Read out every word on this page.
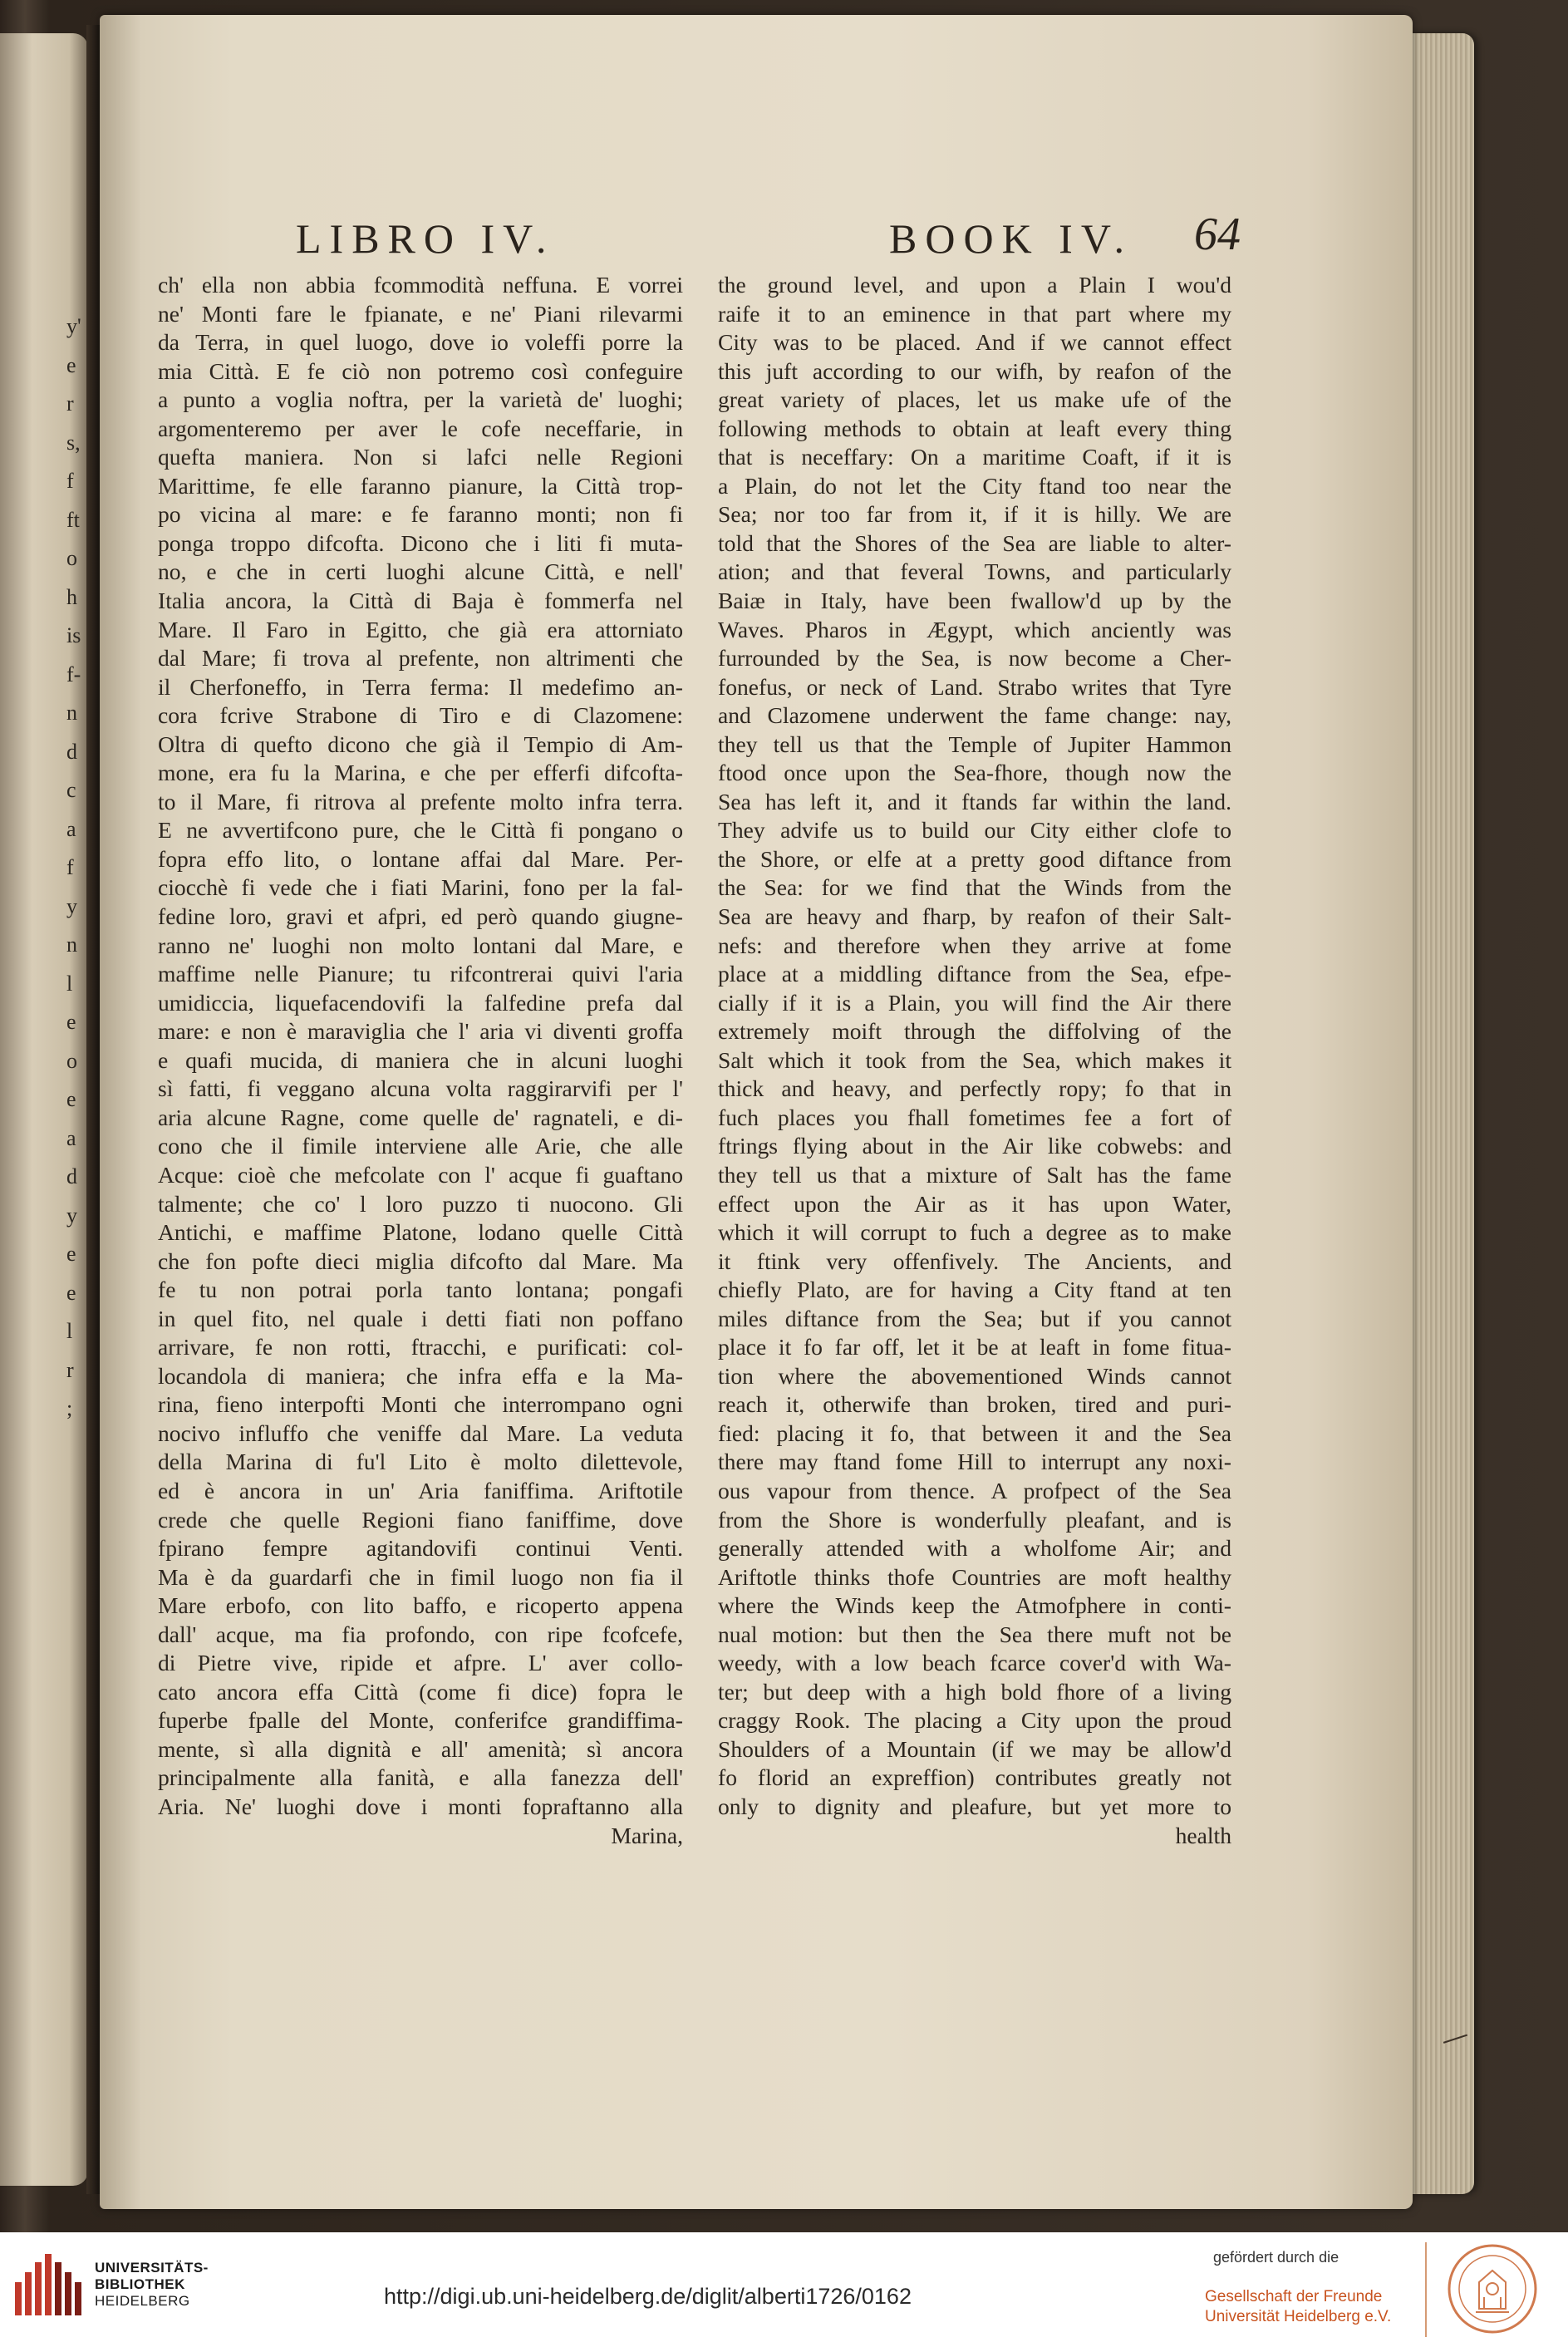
y'
e
r
s,
f
ft
o
h
is
f-
n
d
c
a
f
y
n
l
e
o
e
a
d
y
e
e
l
r
;
LIBRO IV.	BOOK IV. 64
ch' ella non abbia fcommodità neffuna. E vorrei
ne' Monti fare le fpianate, e ne' Piani rilevarmi
da Terra, in quel luogo, dove io voleffi porre la
mia Città. E fe ciò non potremo così confeguire
a punto a voglia noftra, per la varietà de' luoghi;
argomenteremo per aver le cofe neceffarie, in
quefta maniera. Non si lafci nelle Regioni
Marittime, fe elle faranno pianure, la Città trop-
po vicina al mare: e fe faranno monti; non fi
ponga troppo difcofta. Dicono che i liti fi muta-
no, e che in certi luoghi alcune Città, e nell'
Italia ancora, la Città di Baja è fommerfa nel
Mare. Il Faro in Egitto, che già era attorniato
dal Mare; fi trova al prefente, non altrimenti che
il Cherfoneffo, in Terra ferma: Il medefimo an-
cora fcrive Strabone di Tiro e di Clazomene:
Oltra di quefto dicono che già il Tempio di Am-
mone, era fu la Marina, e che per efferfi difcofta-
to il Mare, fi ritrova al prefente molto infra terra.
E ne avvertifcono pure, che le Città fi pongano o
fopra effo lito, o lontane affai dal Mare. Per-
ciocchè fi vede che i fiati Marini, fono per la fal-
fedine loro, gravi et afpri, ed però quando giugne-
ranno ne' luoghi non molto lontani dal Mare, e
maffime nelle Pianure; tu rifcontrerai quivi l'aria
umidiccia, liquefacendovifi la falfedine prefa dal
mare: e non è maraviglia che l' aria vi diventi groffa
e quafi mucida, di maniera che in alcuni luoghi
sì fatti, fi veggano alcuna volta raggirarvifi per l'
aria alcune Ragne, come quelle de' ragnateli, e di-
cono che il fimile interviene alle Arie, che alle
Acque: cioè che mefcolate con l' acque fi guaftano
talmente; che co' l loro puzzo ti nuocono. Gli
Antichi, e maffime Platone, lodano quelle Città
che fon pofte dieci miglia difcofto dal Mare. Ma
fe tu non potrai porla tanto lontana; pongafi
in quel fito, nel quale i detti fiati non poffano
arrivare, fe non rotti, ftracchi, e purificati: col-
locandola di maniera; che infra effa e la Ma-
rina, fieno interpofti Monti che interrompano ogni
nocivo influffo che veniffe dal Mare. La veduta
della Marina di fu'l Lito è molto dilettevole,
ed è ancora in un' Aria faniffima. Ariftotile
crede che quelle Regioni fiano faniffime, dove
fpirano fempre agitandovifi continui Venti.
Ma è da guardarfi che in fimil luogo non fia il
Mare erbofo, con lito baffo, e ricoperto appena
dall' acque, ma fia profondo, con ripe fcofcefe,
di Pietre vive, ripide et afpre. L' aver collo-
cato ancora effa Città (come fi dice) fopra le
fuperbe fpalle del Monte, conferifce grandiffima-
mente, sì alla dignità e all' amenità; sì ancora
principalmente alla fanità, e alla fanezza dell'
Aria. Ne' luoghi dove i monti fopraftanno alla
Marina,
the ground level, and upon a Plain I wou'd
raife it to an eminence in that part where my
City was to be placed. And if we cannot effect
this juft according to our wifh, by reafon of the
great variety of places, let us make ufe of the
following methods to obtain at leaft every thing
that is neceffary: On a maritime Coaft, if it is
a Plain, do not let the City ftand too near the
Sea; nor too far from it, if it is hilly. We are
told that the Shores of the Sea are liable to alter-
ation; and that feveral Towns, and particularly
Baiæ in Italy, have been fwallow'd up by the
Waves. Pharos in Ægypt, which anciently was
furrounded by the Sea, is now become a Cher-
fonefus, or neck of Land. Strabo writes that Tyre
and Clazomene underwent the fame change: nay,
they tell us that the Temple of Jupiter Hammon
ftood once upon the Sea-fhore, though now the
Sea has left it, and it ftands far within the land.
They advife us to build our City either clofe to
the Shore, or elfe at a pretty good diftance from
the Sea: for we find that the Winds from the
Sea are heavy and fharp, by reafon of their Salt-
nefs: and therefore when they arrive at fome
place at a middling diftance from the Sea, efpe-
cially if it is a Plain, you will find the Air there
extremely moift through the diffolving of the
Salt which it took from the Sea, which makes it
thick and heavy, and perfectly ropy; fo that in
fuch places you fhall fometimes fee a fort of
ftrings flying about in the Air like cobwebs: and
they tell us that a mixture of Salt has the fame
effect upon the Air as it has upon Water,
which it will corrupt to fuch a degree as to make
it ftink very offenfively. The Ancients, and
chiefly Plato, are for having a City ftand at ten
miles diftance from the Sea; but if you cannot
place it fo far off, let it be at leaft in fome fitua-
tion where the abovementioned Winds cannot
reach it, otherwife than broken, tired and puri-
fied: placing it fo, that between it and the Sea
there may ftand fome Hill to interrupt any noxi-
ous vapour from thence. A profpect of the Sea
from the Shore is wonderfully pleafant, and is
generally attended with a wholfome Air; and
Ariftotle thinks thofe Countries are moft healthy
where the Winds keep the Atmofphere in conti-
nual motion: but then the Sea there muft not be
weedy, with a low beach fcarce cover'd with Wa-
ter; but deep with a high bold fhore of a living
craggy Rook. The placing a City upon the proud
Shoulders of a Mountain (if we may be allow'd
fo florid an expreffion) contributes greatly not
only to dignity and pleafure, but yet more to
health
UNIVERSITÄTS-
BIBLIOTHEK
HEIDELBERG	http://digi.ub.uni-heidelberg.de/diglit/alberti1726/0162
gefördert durch die
Gesellschaft der Freunde
Universität Heidelberg e.V.
